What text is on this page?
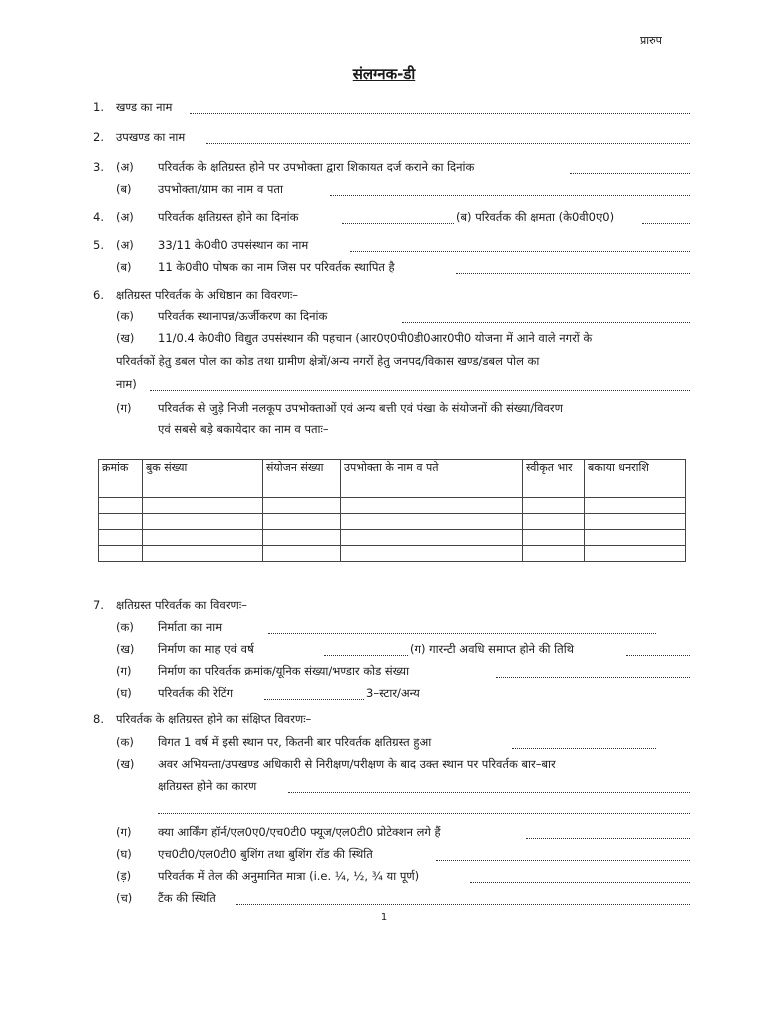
प्रारुप
संलग्नक-डी
1. खण्ड का नाम
2. उपखण्ड का नाम
3. (अ) परिवर्तक के क्षतिग्रस्त होने पर उपभोक्ता द्वारा शिकायत दर्ज कराने का दिनांक
(ब) उपभोक्ता/ग्राम का नाम व पता
4. (अ) परिवर्तक क्षतिग्रस्त होने का दिनांक	(ब) परिवर्तक की क्षमता (के0वी0ए0)
5. (अ) 33/11 के0वी0 उपसंस्थान का नाम
(ब) 11 के0वी0 पोषक का नाम जिस पर परिवर्तक स्थापित है
6. क्षतिग्रस्त परिवर्तक के अधिष्ठान का विवरणः–
(क) परिवर्तक स्थानापन्न/ऊर्जीकरण का दिनांक
(ख) 11/0.4 के0वी0 विद्युत उपसंस्थान की पहचान (आर0ए0पी0डी0आर0पी0 योजना में आने वाले नगरों के
परिवर्तकों हेतु डबल पोल का कोड तथा ग्रामीण क्षेत्रों/अन्य नगरों हेतु जनपद/विकास खण्ड/डबल पोल का
नाम)
(ग) परिवर्तक से जुड़े निजी नलकूप उपभोक्ताओं एवं अन्य बत्ती एवं पंखा के संयोजनों की संख्या/विवरण
एवं सबसे बड़े बकायेदार का नाम व पताः–
क्रमांक	बुक संख्या	संयोजन संख्या	उपभोक्ता के नाम व पते	स्वीकृत भार	बकाया धनराशि

7. क्षतिग्रस्त परिवर्तक का विवरणः–
(क) निर्माता का नाम
(ख) निर्माण का माह एवं वर्ष	(ग) गारन्टी अवधि समाप्त होने की तिथि
(ग) निर्माण का परिवर्तक क्रमांक/यूनिक संख्या/भण्डार कोड संख्या
(घ) परिवर्तक की रेटिंग	3–स्टार/अन्य
8. परिवर्तक के क्षतिग्रस्त होने का संक्षिप्त विवरणः–
(क) विगत 1 वर्ष में इसी स्थान पर, कितनी बार परिवर्तक क्षतिग्रस्त हुआ
(ख) अवर अभियन्ता/उपखण्ड अधिकारी से निरीक्षण/परीक्षण के बाद उक्त स्थान पर परिवर्तक बार–बार
क्षतिग्रस्त होने का कारण
(ग) क्या आर्किंग हॉर्न/एल0ए0/एच0टी0 फ्यूज/एल0टी0 प्रोटेक्शन लगे हैं
(घ) एच0टी0/एल0टी0 बुशिंग तथा बुशिंग रॉड की स्थिति
(ड़) परिवर्तक में तेल की अनुमानित मात्रा (i.e. ¼, ½, ¾ या पूर्ण)
(च) टैंक की स्थिति
1
